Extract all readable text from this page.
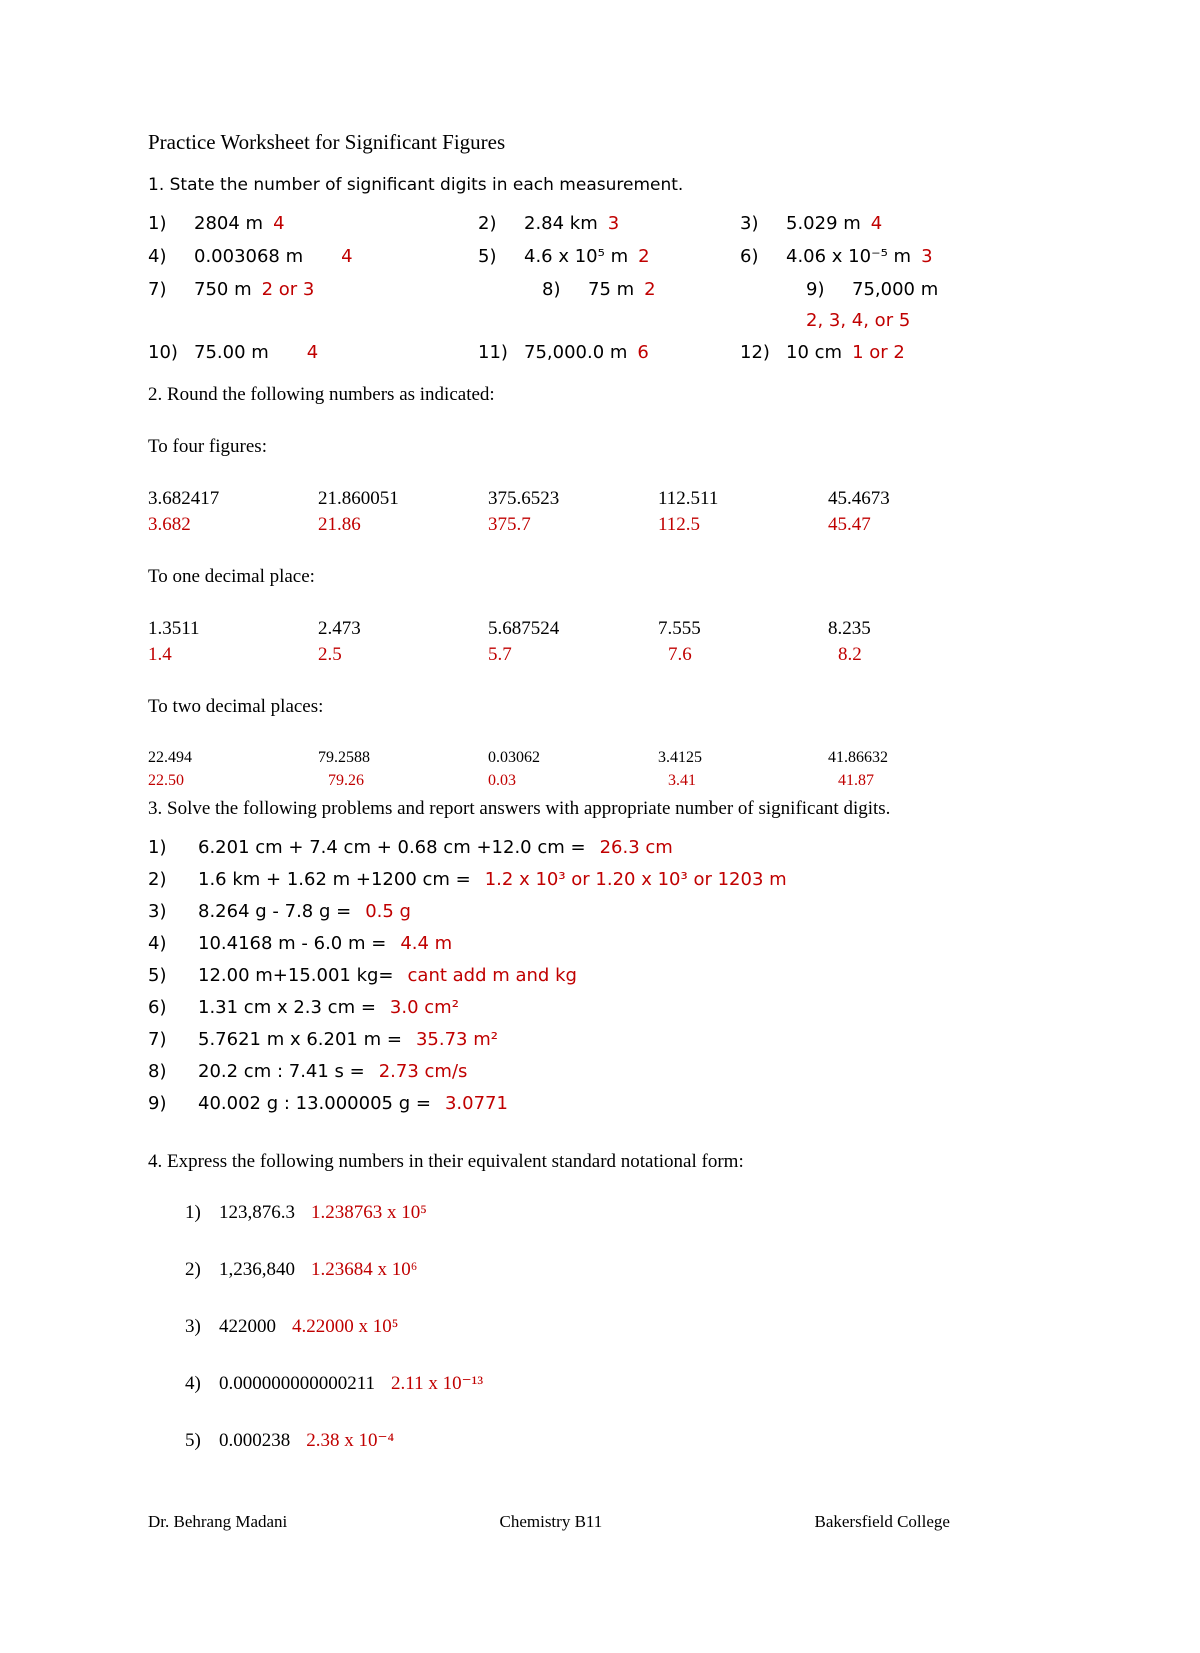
Practice Worksheet for Significant Figures
1. State the number of significant digits in each measurement.
1) 2804 m 4	2) 2.84 km 3	3) 5.029 m 4
4) 0.003068 m 4	5) 4.6 x 10⁵ m 2	6) 4.06 x 10⁻⁵ m 3
7) 750 m 2 or 3	8) 75 m 2	9) 75,000 m
2, 3, 4, or 5
10) 75.00 m 4	11) 75,000.0 m 6	12) 10 cm 1 or 2
2. Round the following numbers as indicated:
To four figures:
3.682417	21.860051	375.6523	112.511	45.4673
3.682	21.86	375.7	112.5	45.47
To one decimal place:
1.3511	2.473	5.687524	7.555	8.235
1.4	2.5	5.7	7.6	8.2
To two decimal places:
22.494	79.2588	0.03062	3.4125	41.86632
22.50	79.26	0.03	3.41	41.87
3. Solve the following problems and report answers with appropriate number of significant digits.
1) 6.201 cm + 7.4 cm + 0.68 cm +12.0 cm = 26.3 cm
2) 1.6 km + 1.62 m +1200 cm = 1.2 x 10³ or 1.20 x 10³ or 1203 m
3) 8.264 g - 7.8 g = 0.5 g
4) 10.4168 m - 6.0 m = 4.4 m
5) 12.00 m+15.001 kg= cant add m and kg
6) 1.31 cm x 2.3 cm = 3.0 cm²
7) 5.7621 m x 6.201 m = 35.73 m²
8) 20.2 cm : 7.41 s = 2.73 cm/s
9) 40.002 g : 13.000005 g = 3.0771
4. Express the following numbers in their equivalent standard notational form:
1) 123,876.3 1.238763 x 10⁵
2) 1,236,840 1.23684 x 10⁶
3) 422000 4.22000 x 10⁵
4) 0.000000000000211 2.11 x 10⁻¹³
5) 0.000238 2.38 x 10⁻⁴
Dr. Behrang Madani	Chemistry B11	Bakersfield College
